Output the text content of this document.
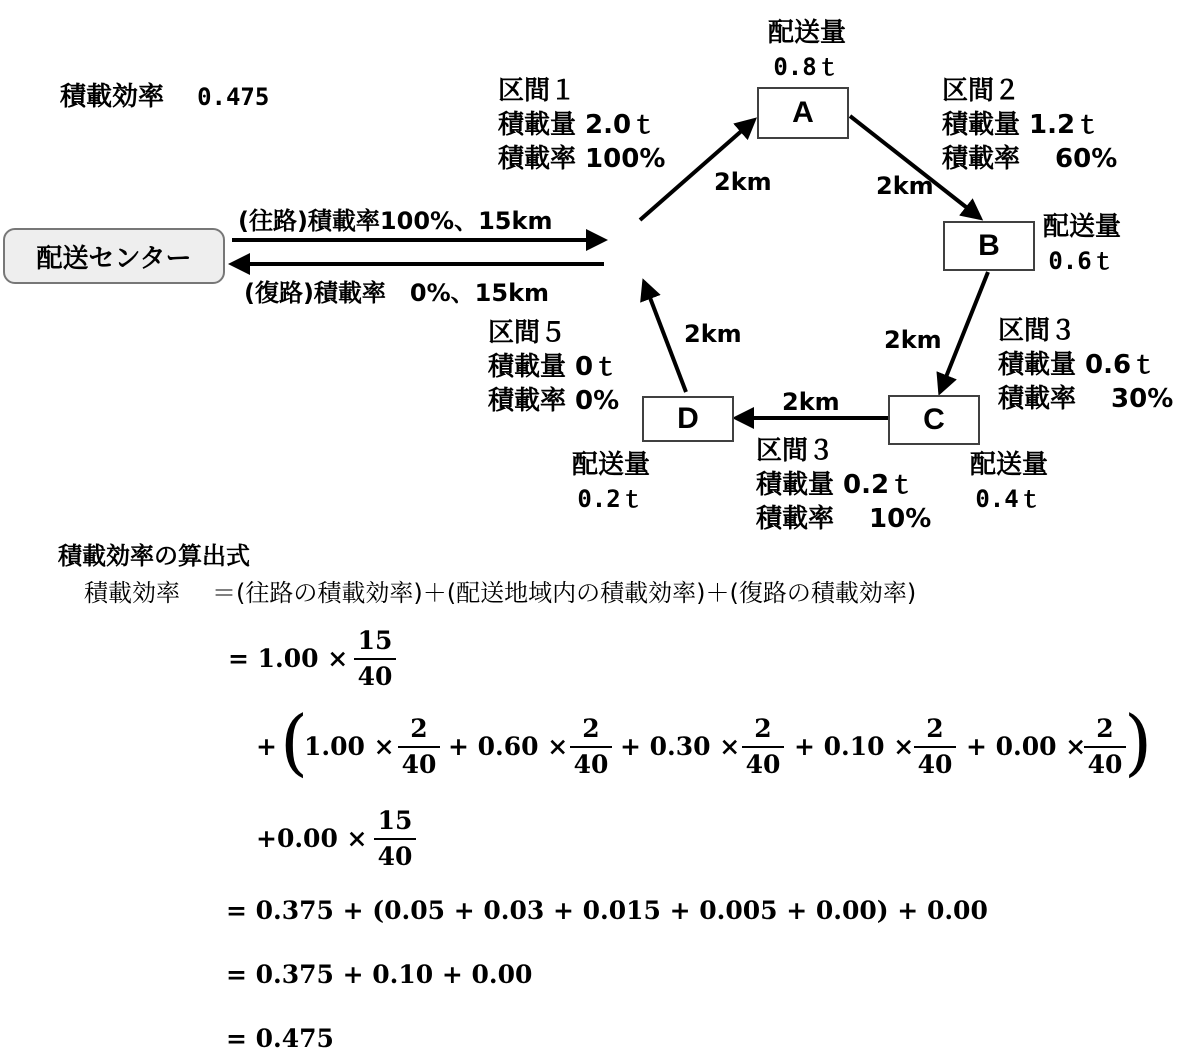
積載効率 0.475
配送センター
(往路)積載率100%、15km
(復路)積載率　0%、15km
A
B
C
D
配送量
0.8ｔ
配送量
0.6ｔ
配送量
0.4ｔ
配送量
0.2ｔ
区間１
積載量 2.0ｔ
積載率 100%
区間２
積載量 1.2ｔ
積載率 　60%
区間３
積載量 0.6ｔ
積載率 　30%
区間３
積載量 0.2ｔ
積載率 　10%
区間５
積載量 0ｔ
積載率 0%
2km	2km
2km
2km
2km
積載効率の算出式
積載効率 ＝(往路の積載効率)＋(配送地域内の積載効率)＋(復路の積載効率)
= 1.00 ×
15
40
+ (
1.00 ×
2
40
+ 0.60 ×
2
40
+ 0.30 ×
2
40
+ 0.10 ×
2
40
+ 0.00 ×
2
40 )
+0.00 ×
15
40
= 0.375 + (0.05 + 0.03 + 0.015 + 0.005 + 0.00) + 0.00
= 0.375 + 0.10 + 0.00
= 0.475
